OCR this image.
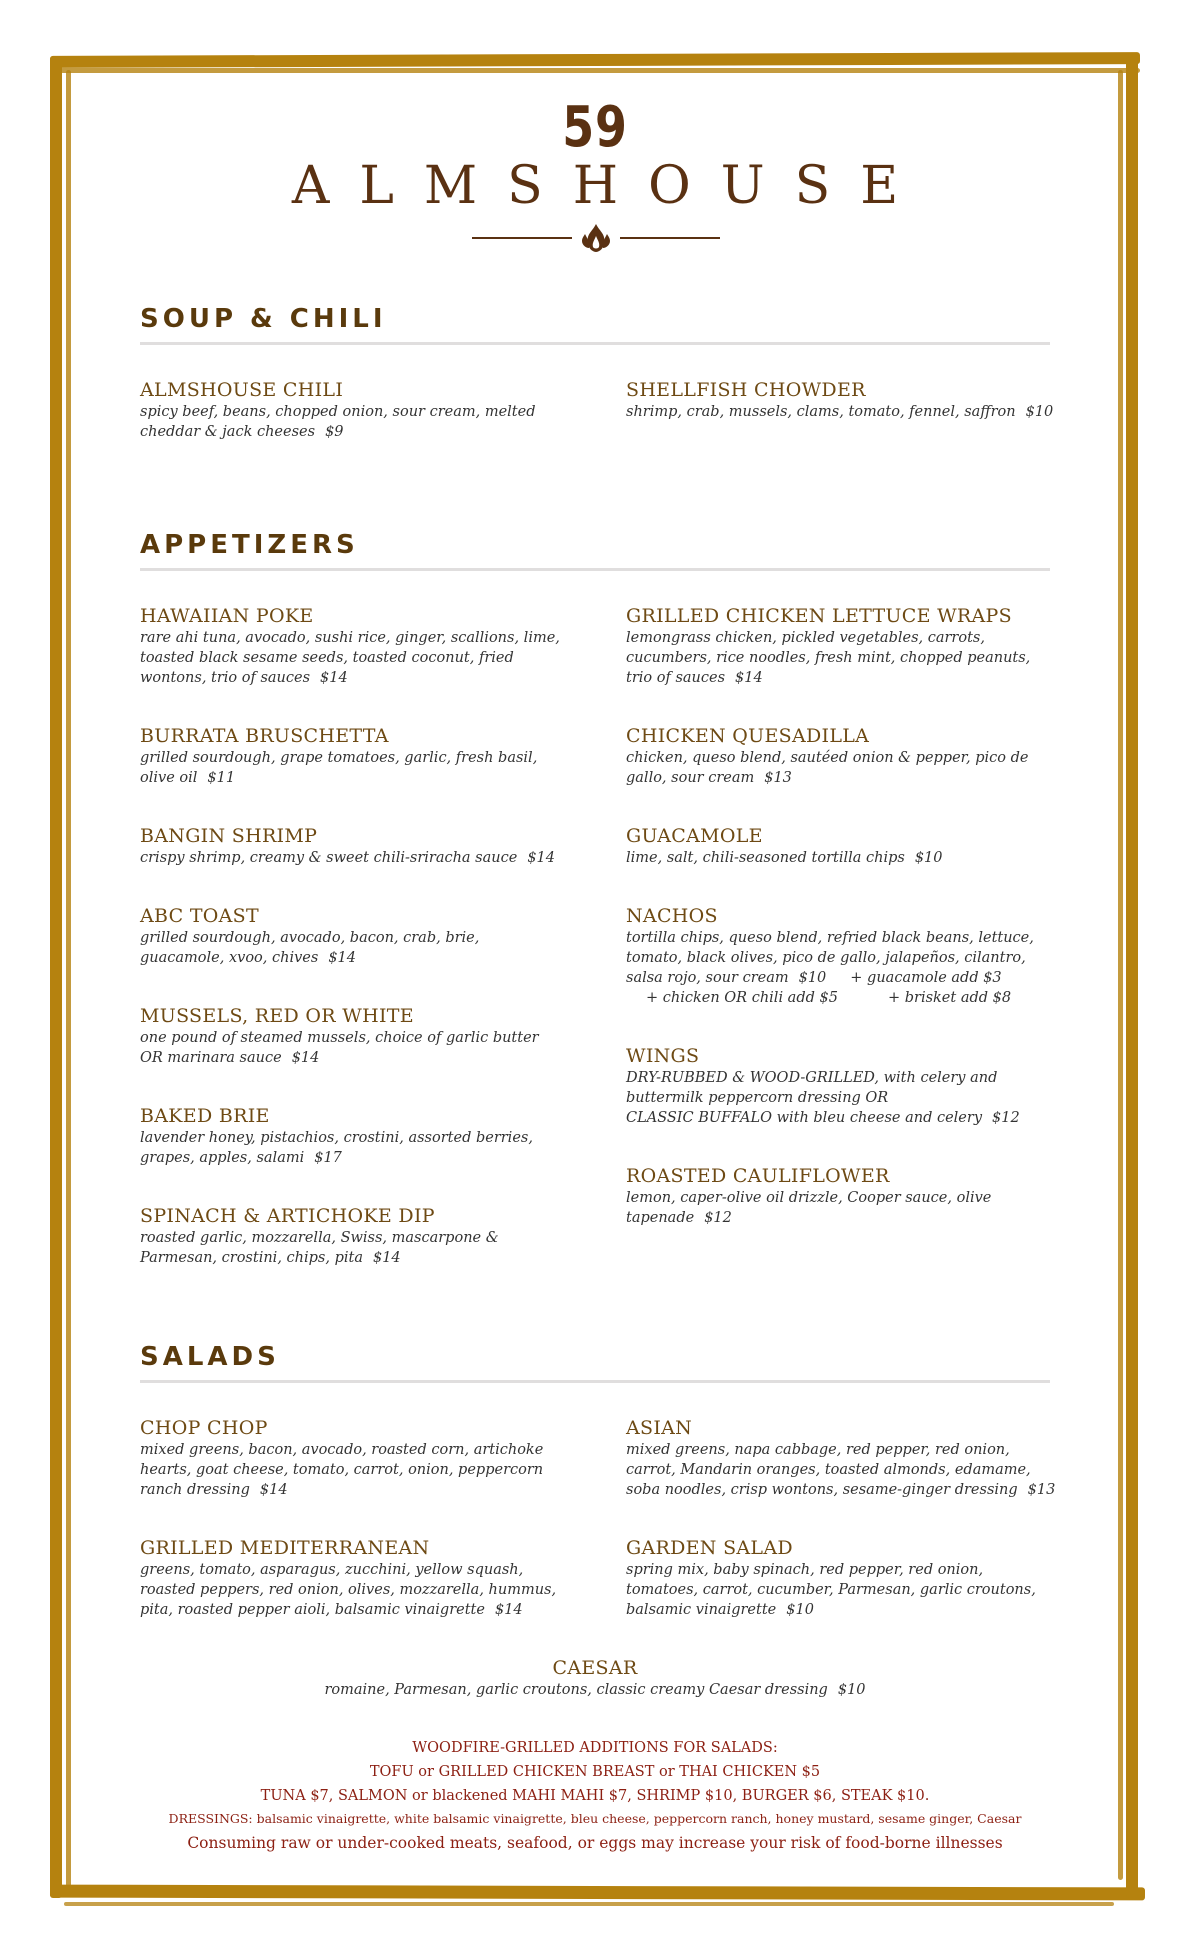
59
ALMSHOUSE
SOUP & CHILI
ALMSHOUSE CHILI
spicy beef, beans, chopped onion, sour cream, melted cheddar & jack cheeses $9
SHELLFISH CHOWDER
shrimp, crab, mussels, clams, tomato, fennel, saffron $10
APPETIZERS
HAWAIIAN POKE
rare ahi tuna, avocado, sushi rice, ginger, scallions, lime, toasted black sesame seeds, toasted coconut, fried wontons, trio of sauces $14
BURRATA BRUSCHETTA
grilled sourdough, grape tomatoes, garlic, fresh basil, olive oil $11
BANGIN SHRIMP
crispy shrimp, creamy & sweet chili-sriracha sauce $14
ABC TOAST
grilled sourdough, avocado, bacon, crab, brie, guacamole, xvoo, chives $14
MUSSELS, RED OR WHITE
one pound of steamed mussels, choice of garlic butter OR marinara sauce $14
BAKED BRIE
lavender honey, pistachios, crostini, assorted berries, grapes, apples, salami $17
SPINACH & ARTICHOKE DIP
roasted garlic, mozzarella, Swiss, mascarpone & Parmesan, crostini, chips, pita $14
GRILLED CHICKEN LETTUCE WRAPS
lemongrass chicken, pickled vegetables, carrots, cucumbers, rice noodles, fresh mint, chopped peanuts, trio of sauces $14
CHICKEN QUESADILLA
chicken, queso blend, sautéed onion & pepper, pico de gallo, sour cream $13
GUACAMOLE
lime, salt, chili-seasoned tortilla chips $10
NACHOS
tortilla chips, queso blend, refried black beans, lettuce, tomato, black olives, pico de gallo, jalapeños, cilantro, salsa rojo, sour cream $10 + guacamole add $3
+ chicken OR chili add $5	+ brisket add $8
WINGS
DRY-RUBBED & WOOD-GRILLED, with celery and buttermilk peppercorn dressing OR
CLASSIC BUFFALO with bleu cheese and celery $12
ROASTED CAULIFLOWER
lemon, caper-olive oil drizzle, Cooper sauce, olive tapenade $12
SALADS
CHOP CHOP
mixed greens, bacon, avocado, roasted corn, artichoke hearts, goat cheese, tomato, carrot, onion, peppercorn ranch dressing $14
ASIAN
mixed greens, napa cabbage, red pepper, red onion, carrot, Mandarin oranges, toasted almonds, edamame, soba noodles, crisp wontons, sesame-ginger dressing $13
GRILLED MEDITERRANEAN
greens, tomato, asparagus, zucchini, yellow squash, roasted peppers, red onion, olives, mozzarella, hummus, pita, roasted pepper aioli, balsamic vinaigrette $14
GARDEN SALAD
spring mix, baby spinach, red pepper, red onion, tomatoes, carrot, cucumber, Parmesan, garlic croutons, balsamic vinaigrette $10
CAESAR
romaine, Parmesan, garlic croutons, classic creamy Caesar dressing $10
WOODFIRE-GRILLED ADDITIONS FOR SALADS:
TOFU or GRILLED CHICKEN BREAST or THAI CHICKEN $5
TUNA $7, SALMON or blackened MAHI MAHI $7, SHRIMP $10, BURGER $6, STEAK $10.
DRESSINGS: balsamic vinaigrette, white balsamic vinaigrette, bleu cheese, peppercorn ranch, honey mustard, sesame ginger, Caesar
Consuming raw or under-cooked meats, seafood, or eggs may increase your risk of food-borne illnesses
